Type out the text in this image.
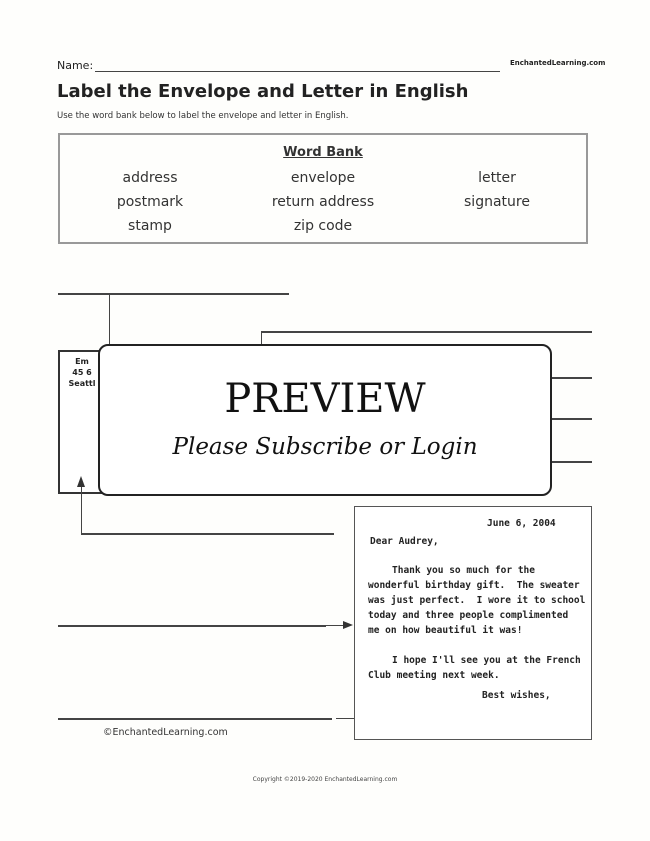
Name:	EnchantedLearning.com
Label the Envelope and Letter in English
Use the word bank below to label the envelope and letter in English.
Word Bank
address	envelope	letter
postmark	return address	signature
stamp	zip code
Em
45 6
Seattl
June 6, 2004
Dear Audrey,
Thank you so much for the
wonderful birthday gift.  The sweater
was just perfect.  I wore it to school
today and three people complimented
me on how beautiful it was!
I hope I'll see you at the French
Club meeting next week.
Best wishes,
©EnchantedLearning.com
PREVIEW
Please Subscribe or Login
Copyright ©2019-2020 EnchantedLearning.com
